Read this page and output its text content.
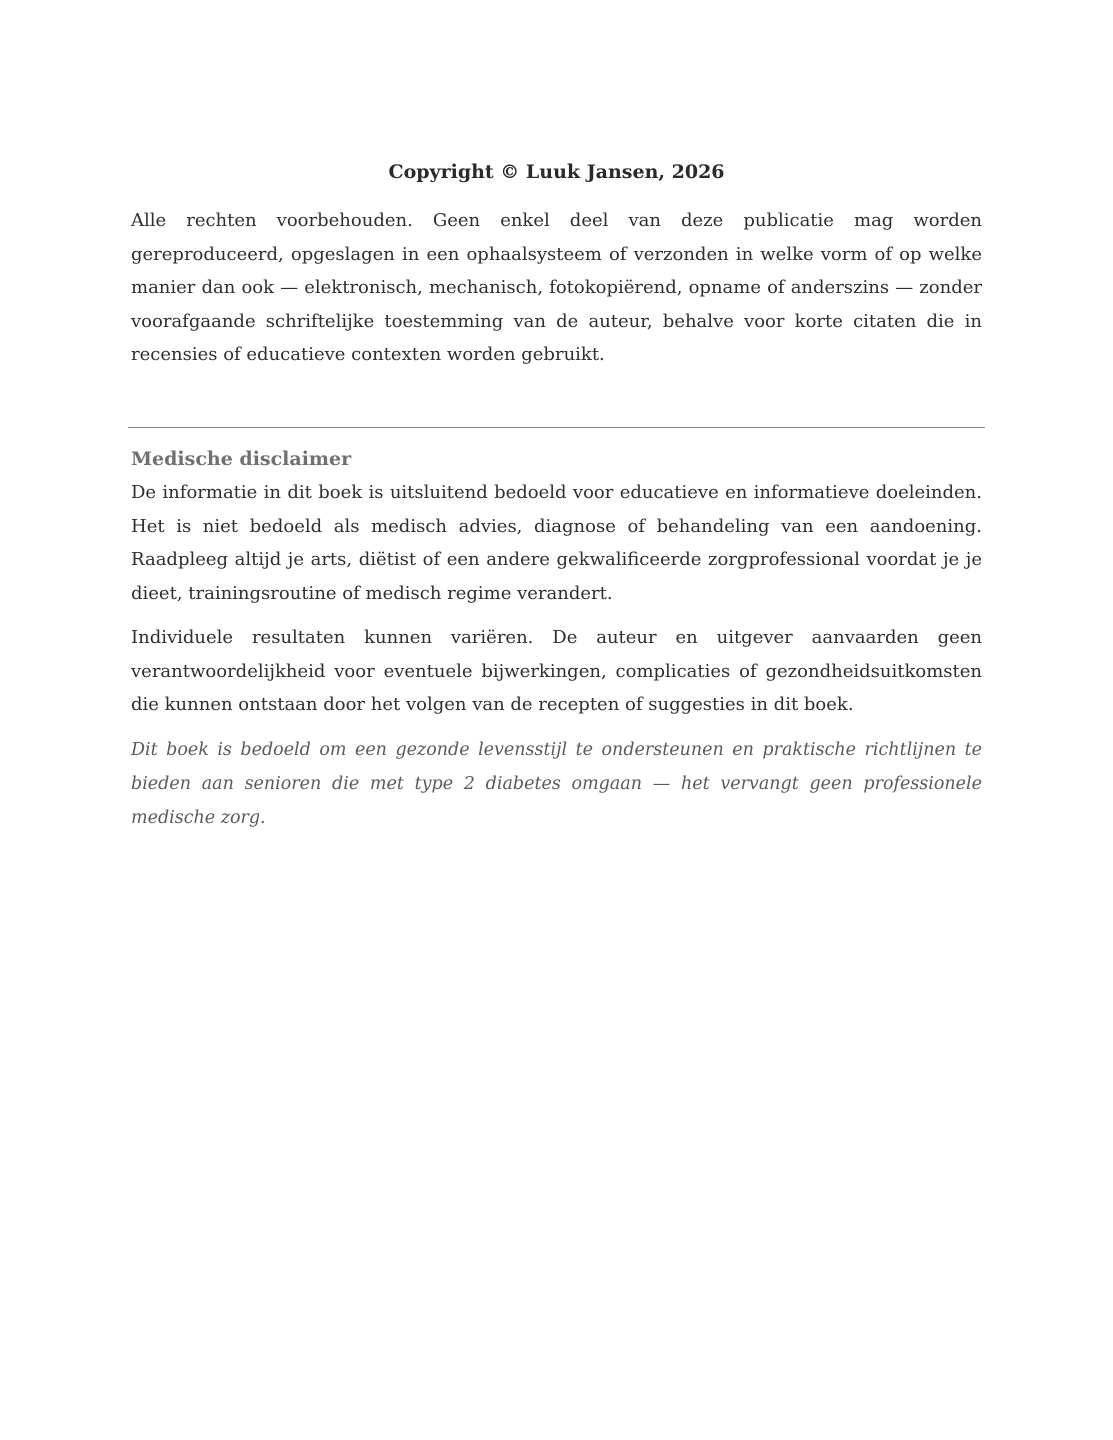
Copyright © Luuk Jansen, 2026

Alle rechten voorbehouden. Geen enkel deel van deze publicatie mag worden gereproduceerd, opgeslagen in een ophaalsysteem of verzonden in welke vorm of op welke manier dan ook — elektronisch, mechanisch, fotokopiërend, opname of anderszins — zonder voorafgaande schriftelijke toestemming van de auteur, behalve voor korte citaten die in recensies of educatieve contexten worden gebruikt.

Medische disclaimer

De informatie in dit boek is uitsluitend bedoeld voor educatieve en informatieve doeleinden. Het is niet bedoeld als medisch advies, diagnose of behandeling van een aandoening. Raadpleeg altijd je arts, diëtist of een andere gekwalificeerde zorgprofessional voordat je je dieet, trainingsroutine of medisch regime verandert.

Individuele resultaten kunnen variëren. De auteur en uitgever aanvaarden geen verantwoordelijkheid voor eventuele bijwerkingen, complicaties of gezondheidsuitkomsten die kunnen ontstaan door het volgen van de recepten of suggesties in dit boek.

Dit boek is bedoeld om een gezonde levensstijl te ondersteunen en praktische richtlijnen te bieden aan senioren die met type 2 diabetes omgaan — het vervangt geen professionele medische zorg.
